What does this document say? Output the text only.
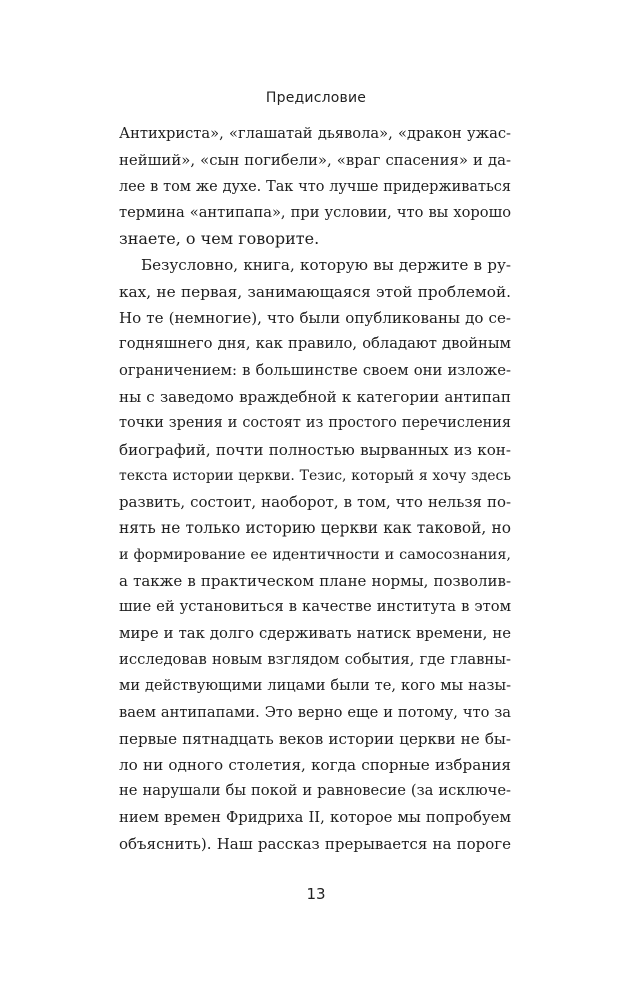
Предисловие
Антихриста», «глашатай дьявола», «дракон ужас-
нейший», «сын погибели», «враг спасения» и да-
лее в том же духе. Так что лучше придерживаться
термина «антипапа», при условии, что вы хорошо
знаете, о чем говорите.
Безусловно, книга, которую вы держите в ру-
ках, не первая, занимающаяся этой проблемой.
Но те (немногие), что были опубликованы до се-
годняшнего дня, как правило, обладают двойным
ограничением: в большинстве своем они изложе-
ны с заведомо враждебной к категории антипап
точки зрения и состоят из простого перечисления
биографий, почти полностью вырванных из кон-
текста истории церкви. Тезис, который я хочу здесь
развить, состоит, наоборот, в том, что нельзя по-
нять не только историю церкви как таковой, но
и формирование ее идентичности и самосознания,
а также в практическом плане нормы, позволив-
шие ей установиться в качестве института в этом
мире и так долго сдерживать натиск времени, не
исследовав новым взглядом события, где главны-
ми действующими лицами были те, кого мы назы-
ваем антипапами. Это верно еще и потому, что за
первые пятнадцать веков истории церкви не бы-
ло ни одного столетия, когда спорные избрания
не нарушали бы покой и равновесие (за исключе-
нием времен Фридриха II, которое мы попробуем
объяснить). Наш рассказ прерывается на пороге
13
